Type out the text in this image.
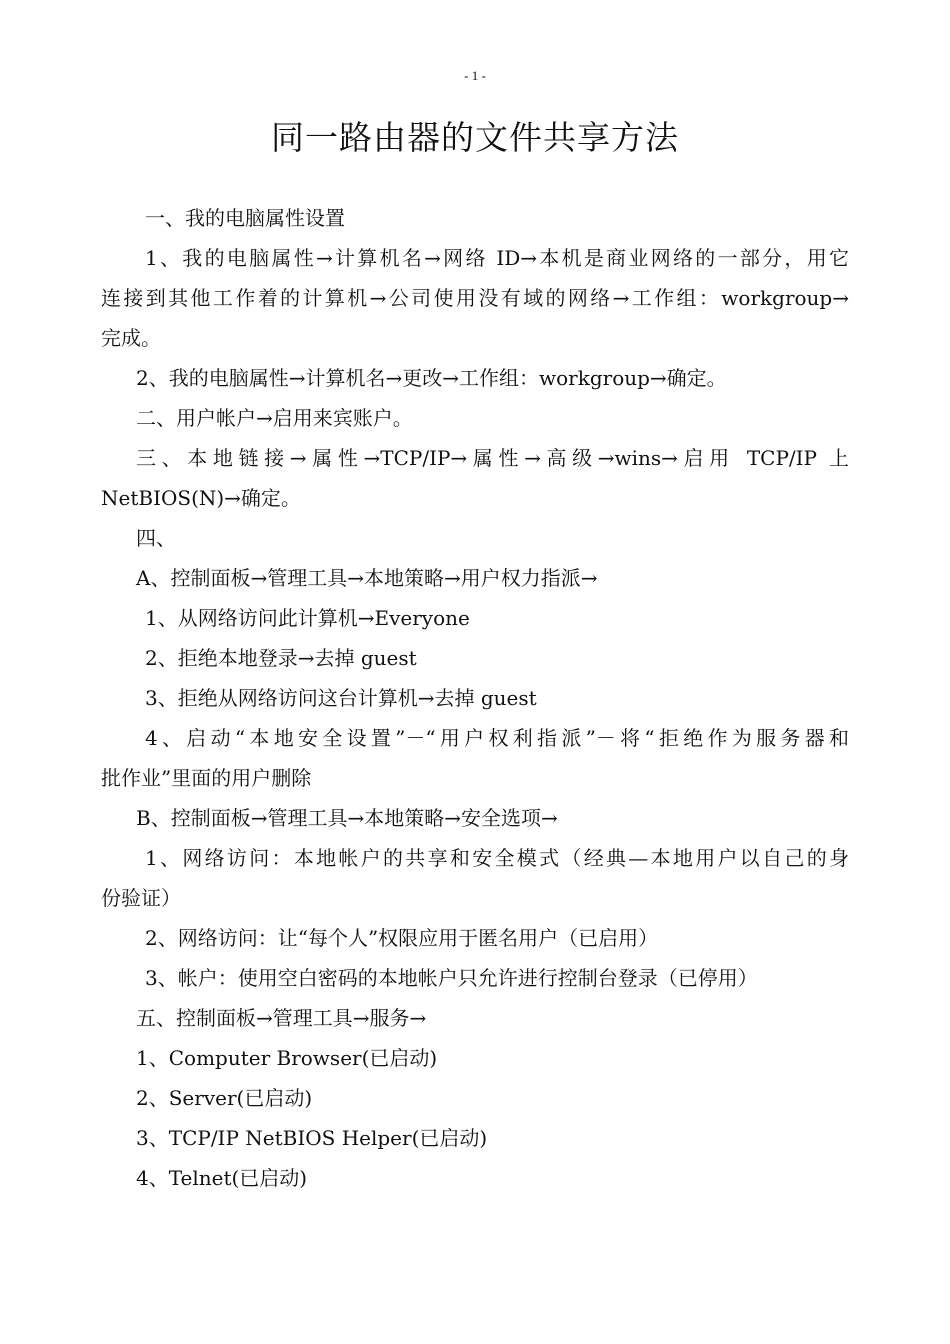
- 1 -
同一路由器的文件共享方法
一、我的电脑属性设置
1、我的电脑属性→计算机名→网络 ID→本机是商业网络的一部分，用它
连接到其他工作着的计算机→公司使用没有域的网络→工作组：workgroup→
完成。
2、我的电脑属性→计算机名→更改→工作组：workgroup→确定。
二、用户帐户→启用来宾账户。
三、本地链接→属性→TCP/IP→属性→高级→wins→启用 TCP/IP 上
NetBIOS(N)→确定。
四、
A、控制面板→管理工具→本地策略→用户权力指派→
1、从网络访问此计算机→Everyone
2、拒绝本地登录→去掉 guest
3、拒绝从网络访问这台计算机→去掉 guest
4、启动“本地安全设置”－“用户权利指派”－将“拒绝作为服务器和
批作业”里面的用户删除
B、控制面板→管理工具→本地策略→安全选项→
1、网络访问：本地帐户的共享和安全模式（经典—本地用户以自己的身
份验证）
2、网络访问：让“每个人”权限应用于匿名用户（已启用）
3、帐户：使用空白密码的本地帐户只允许进行控制台登录（已停用）
五、控制面板→管理工具→服务→
1、Computer Browser(已启动)
2、Server(已启动)
3、TCP/IP NetBIOS Helper(已启动)
4、Telnet(已启动)
